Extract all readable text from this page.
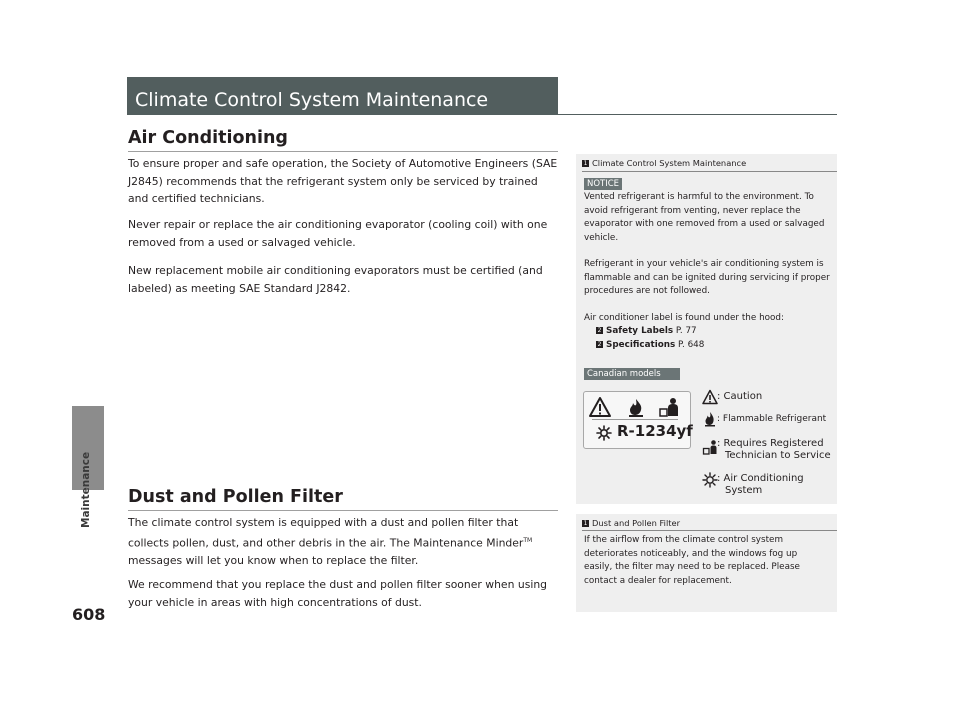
Maintenance
608
Climate Control System Maintenance
Air Conditioning

To ensure proper and safe operation, the Society of Automotive Engineers (SAE J2845) recommends that the refrigerant system only be serviced by trained and certified technicians.

Never repair or replace the air conditioning evaporator (cooling coil) with one removed from a used or salvaged vehicle.

New replacement mobile air conditioning evaporators must be certified (and labeled) as meeting SAE Standard J2842.

Dust and Pollen Filter

The climate control system is equipped with a dust and pollen filter that collects pollen, dust, and other debris in the air. The Maintenance Minder™ messages will let you know when to replace the filter.

We recommend that you replace the dust and pollen filter sooner when using your vehicle in areas with high concentrations of dust.

1 Climate Control System Maintenance
NOTICE

Vented refrigerant is harmful to the environment. To avoid refrigerant from venting, never replace the evaporator with one removed from a used or salvaged vehicle.

Refrigerant in your vehicle's air conditioning system is flammable and can be ignited during servicing if proper procedures are not followed.

Air conditioner label is found under the hood:

2 Safety Labels P. 77
2 Specifications P. 648
Canadian models
R-1234yf
: Caution
: Flammable Refrigerant
: Requires Registered
Technician to Service
: Air Conditioning
System
1 Dust and Pollen Filter

If the airflow from the climate control system deteriorates noticeably, and the windows fog up easily, the filter may need to be replaced. Please contact a dealer for replacement.
